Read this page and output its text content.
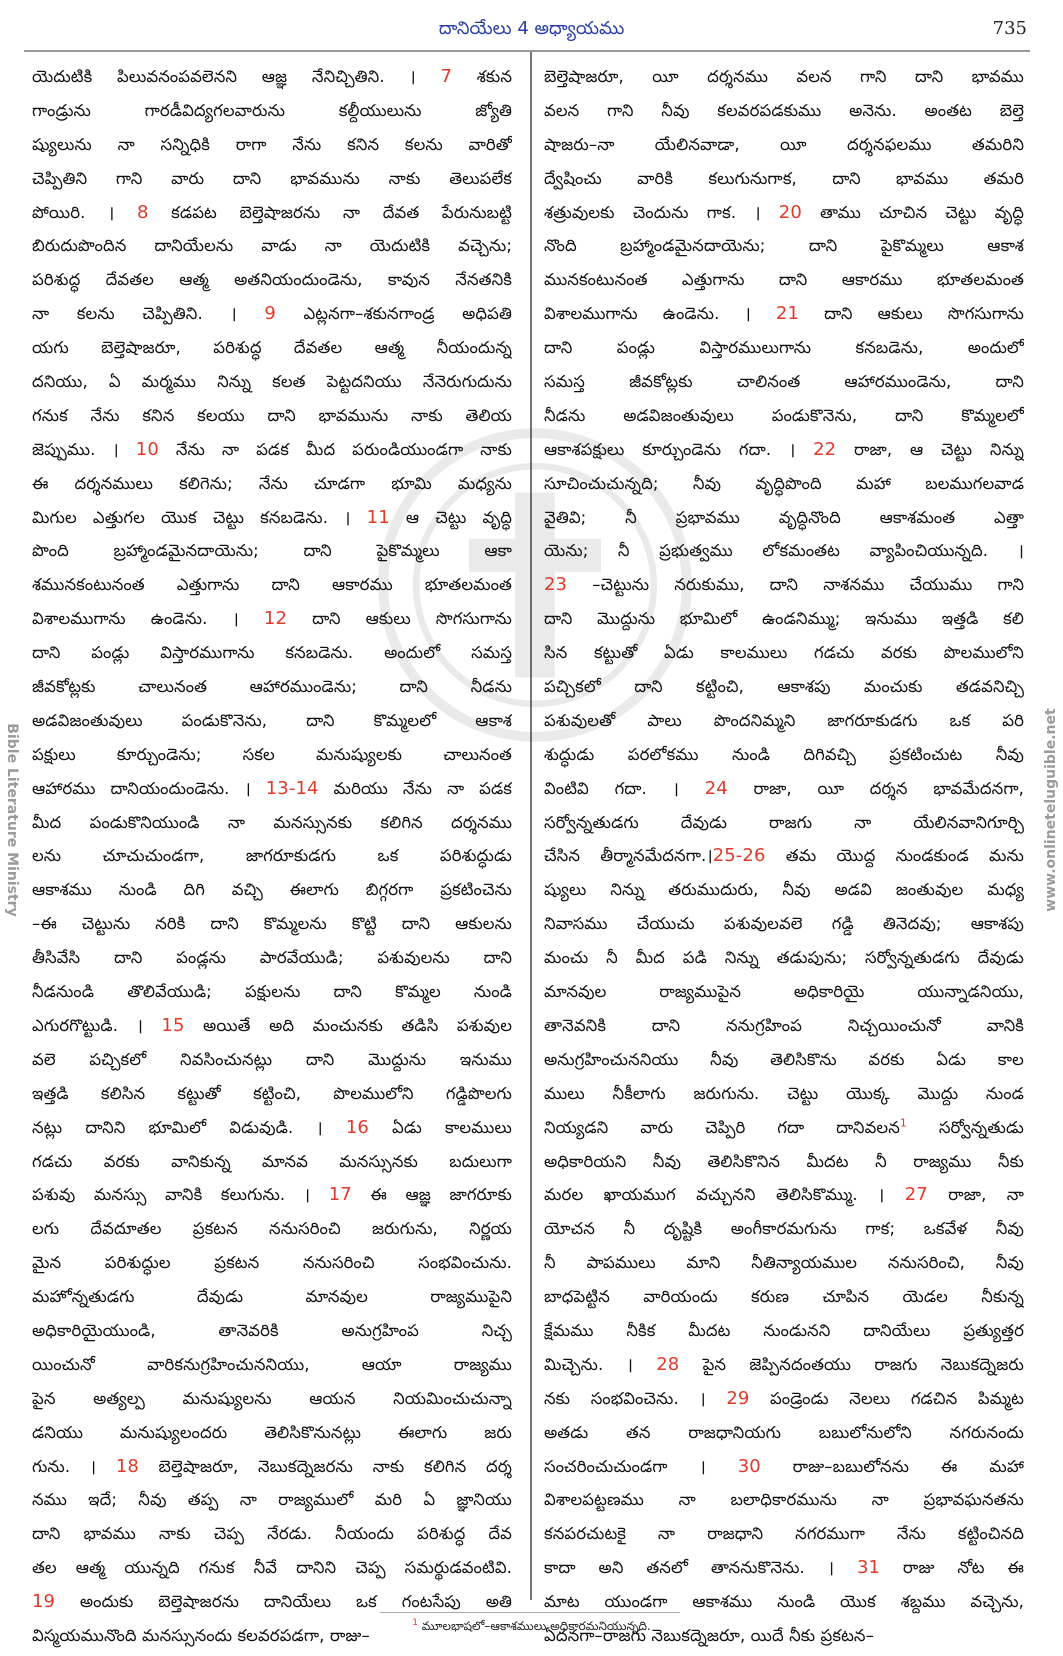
దానియేలు 4 అధ్యాయము	735
Bible Literature Ministry	www.onlineteluguible.net
యెదుటికి పిలువనంపవలెనని ఆజ్ఞ నేనిచ్చితిని. । 7 శకున
గాండ్రును గారడీవిద్యగలవారును కల్దీయులును జ్యోతి
ష్యులును నా సన్నిధికి రాగా నేను కనిన కలను వారితో
చెప్పితిని గాని వారు దాని భావమును నాకు తెలుపలేక
పోయిరి. । 8 కడపట బెల్తెషాజరను నా దేవత పేరునుబట్టి
బిరుదుపొందిన దానియేలను వాడు నా యెదుటికి వచ్చెను;
పరిశుద్ధ దేవతల ఆత్మ అతనియందుండెను, కావున నేనతనికి
నా కలను చెప్పితిని. । 9 ఎట్లనగా–శకునగాండ్ర అధిపతి
యగు బెల్తెషాజరూ, పరిశుద్ధ దేవతల ఆత్మ నీయందున్న
దనియు, ఏ మర్మము నిన్ను కలత పెట్టదనియు నేనెరుగుదును
గనుక నేను కనిన కలయు దాని భావమును నాకు తెలియ
జెప్పుము. । 10 నేను నా పడక మీద పరుండియుండగా నాకు
ఈ దర్శనములు కలిగెను; నేను చూడగా భూమి మధ్యను
మిగుల ఎత్తుగల యొక చెట్టు కనబడెను. । 11 ఆ చెట్టు వృద్ధి
పొంది బ్రహ్మాండమైనదాయెను; దాని పైకొమ్మలు ఆకా
శమునకంటునంత ఎత్తుగాను దాని ఆకారము భూతలమంత
విశాలముగాను ఉండెను. । 12 దాని ఆకులు సొగసుగాను
దాని పండ్లు విస్తారముగాను కనబడెను. అందులో సమస్త
జీవకోట్లకు చాలునంత ఆహారముండెను; దాని నీడను
అడవిజంతువులు పండుకొనెను, దాని కొమ్మలలో ఆకాశ
పక్షులు కూర్చుండెను; సకల మనుష్యులకు చాలునంత
ఆహారము దానియందుండెను. । 13-14 మరియు నేను నా పడక
మీద పండుకొనియుండి నా మనస్సునకు కలిగిన దర్శనము
లను చూచుచుండగా, జాగరూకుడగు ఒక పరిశుద్ధుడు
ఆకాశము నుండి దిగి వచ్చి ఈలాగు బిగ్గరగా ప్రకటించెను
–ఈ చెట్టును నరికి దాని కొమ్మలను కొట్టి దాని ఆకులను
తీసివేసి దాని పండ్లను పారవేయుడి; పశువులను దాని
నీడనుండి తొలివేయుడి; పక్షులను దాని కొమ్మల నుండి
ఎగురగొట్టుడి. । 15 అయితే అది మంచునకు తడిసి పశువుల
వలె పచ్చికలో నివసించునట్లు దాని మొద్దును ఇనుము
ఇత్తడి కలిసిన కట్టుతో కట్టించి, పొలములోని గడ్డిపొలగు
నట్లు దానిని భూమిలో విడువుడి. । 16 ఏడు కాలములు
గడచు వరకు వానికున్న మానవ మనస్సునకు బదులుగా
పశువు మనస్సు వానికి కలుగును. । 17 ఈ ఆజ్ఞ జాగరూకు
లగు దేవదూతల ప్రకటన ననుసరించి జరుగును, నిర్ణయ
మైన పరిశుద్ధుల ప్రకటన ననుసరించి సంభవించును.
మహోన్నతుడగు దేవుడు మానవుల రాజ్యముపైని
అధికారియైయుండి, తానెవరికి అనుగ్రహింప నిచ్చ
యించునో వారికనుగ్రహించుననియు, ఆయా రాజ్యము
పైన అత్యల్ప మనుష్యులను ఆయన నియమించుచున్నా
డనియు మనుష్యులందరు తెలిసికొనునట్లు ఈలాగు జరు
గును. । 18 బెల్తెషాజరూ, నెబుకద్నెజరను నాకు కలిగిన దర్శ
నము ఇదే; నీవు తప్ప నా రాజ్యములో మరి ఏ జ్ఞానియు
దాని భావము నాకు చెప్ప నేరడు. నీయందు పరిశుద్ధ దేవ
తల ఆత్మ యున్నది గనుక నీవే దానిని చెప్ప సమర్థుడవంటివి.
19 అందుకు బెల్తెషాజరను దానియేలు ఒక గంటసేపు అతి
విస్మయమునొంది మనస్సునందు కలవరపడగా, రాజు–
బెల్తెషాజరూ, యీ దర్శనము వలన గాని దాని భావము
వలన గాని నీవు కలవరపడకుము అనెను. అంతట బెల్తె
షాజరు–నా యేలినవాడా, యీ దర్శనఫలము తమరిని
ద్వేషించు వారికి కలుగునుగాక, దాని భావము తమరి
శత్రువులకు చెందును గాక. । 20 తాము చూచిన చెట్టు వృద్ధి
నొంది బ్రహ్మాండమైనదాయెను; దాని పైకొమ్మలు ఆకాశ
మునకంటునంత ఎత్తుగాను దాని ఆకారము భూతలమంత
విశాలముగాను ఉండెను. । 21 దాని ఆకులు సొగసుగాను
దాని పండ్లు విస్తారములుగాను కనబడెను, అందులో
సమస్త జీవకోట్లకు చాలినంత ఆహారముండెను, దాని
నీడను అడవిజంతువులు పండుకొనెను, దాని కొమ్మలలో
ఆకాశపక్షులు కూర్చుండెను గదా. । 22 రాజా, ఆ చెట్టు నిన్ను
సూచించుచున్నది; నీవు వృద్ధిపొంది మహా బలముగలవాడ
వైతివి; నీ ప్రభావము వృద్ధినొంది ఆకాశమంత ఎత్తా
యెను; నీ ప్రభుత్వము లోకమంతట వ్యాపించియున్నది. ।
23 –చెట్టును నరుకుము, దాని నాశనము చేయుము గాని
దాని మొద్దును భూమిలో ఉండనిమ్ము; ఇనుము ఇత్తడి కలి
సిన కట్టుతో ఏడు కాలములు గడచు వరకు పొలములోని
పచ్చికలో దాని కట్టించి, ఆకాశపు మంచుకు తడవనిచ్చి
పశువులతో పాలు పొందనిమ్మని జాగరూకుడగు ఒక పరి
శుద్ధుడు పరలోకము నుండి దిగివచ్చి ప్రకటించుట నీవు
వింటివి గదా. । 24 రాజా, యీ దర్శన భావమేదనగా,
సర్వోన్నతుడగు దేవుడు రాజగు నా యేలినవానిగూర్చి
చేసిన తీర్మానమేదనగా.।25-26 తమ యొద్ద నుండకుండ మను
ష్యులు నిన్ను తరుముదురు, నీవు అడవి జంతువుల మధ్య
నివాసము చేయుచు పశువులవలె గడ్డి తినెదవు; ఆకాశపు
మంచు నీ మీద పడి నిన్ను తడుపును; సర్వోన్నతుడగు దేవుడు
మానవుల రాజ్యముపైన అధికారియై యున్నాడనియు,
తానెవనికి దాని ననుగ్రహింప నిచ్చయించునో వానికి
అనుగ్రహించుననియు నీవు తెలిసికొను వరకు ఏడు కాల
ములు నీకీలాగు జరుగును. చెట్టు యొక్క మొద్దు నుండ
నియ్యడని వారు చెప్పిరి గదా దానివలన$^1$ సర్వోన్నతుడు
అధికారియని నీవు తెలిసికొనిన మీదట నీ రాజ్యము నీకు
మరల ఖాయముగ వచ్చునని తెలిసికొమ్ము. । 27 రాజా, నా
యోచన నీ దృష్టికి అంగీకారమగును గాక; ఒకవేళ నీవు
నీ పాపములు మాని నీతిన్యాయముల ననుసరించి, నీవు
బాధపెట్టిన వారియందు కరుణ చూపిన యెడల నీకున్న
క్షేమము నీకిక మీదట నుండునని దానియేలు ప్రత్యుత్తర
మిచ్చెను. । 28 పైన జెప్పినదంతయు రాజగు నెబుకద్నెజరు
నకు సంభవించెను. । 29 పండ్రెండు నెలలు గడచిన పిమ్మట
అతడు తన రాజధానియగు బబులోనులోని నగరునందు
సంచరించుచుండగా । 30 రాజు–బబులోనను ఈ మహా
విశాలపట్టణము నా బలాధికారమును నా ప్రభావఘనతను
కనపరచుటకై నా రాజధాని నగరముగా నేను కట్టించినది
కాదా అని తనలో తాననుకొనెను. । 31 రాజు నోట ఈ
మాట యుండగా ఆకాశము నుండి యొక శబ్దము వచ్చెను,
ఏదనగా–రాజగు నెబుకద్నెజరూ, యిదే నీకు ప్రకటన–
$^1$ మూలభాషలో–ఆకాశములు అధికారమనియున్నది.
